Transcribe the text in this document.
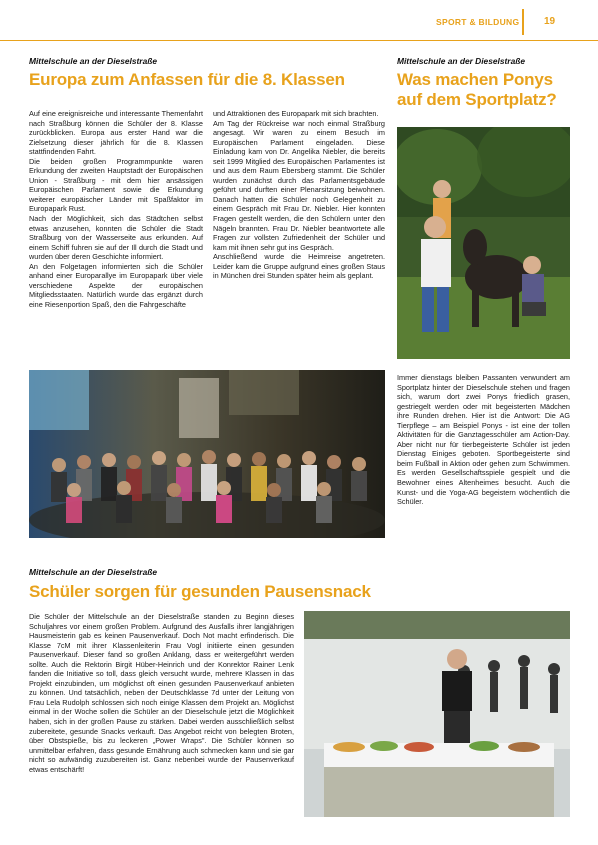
SPORT & BILDUNG 19
Mittelschule an der Dieselstraße
Europa zum Anfassen für die 8. Klassen

Auf eine ereignisreiche und interessante Themenfahrt nach Straßburg können die Schüler der 8. Klasse zurückblicken. Europa aus erster Hand war die Zielsetzung dieser jährlich für die 8. Klassen stattfindenden Fahrt.

Die beiden großen Programmpunkte waren Erkundung der zweiten Hauptstadt der Europäischen Union - Straßburg - mit dem hier ansässigen Europäischen Parlament sowie die Erkundung weiterer europäischer Länder mit Spaßfaktor im Europapark Rust.

Nach der Möglichkeit, sich das Städtchen selbst etwas anzusehen, konnten die Schüler die Stadt Straßburg von der Wasserseite aus erkunden. Auf einem Schiff fuhren sie auf der Ill durch die Stadt und wurden über deren Geschichte informiert.

An den Folgetagen informierten sich die Schüler anhand einer Europarallye im Europapark über viele verschiedene Aspekte der europäischen Mitgliedsstaaten. Natürlich wurde das ergänzt durch eine Riesenportion Spaß, den die Fahrgeschäfte

und Attraktionen des Europapark mit sich brachten.

Am Tag der Rückreise war noch einmal Straßburg angesagt. Wir waren zu einem Besuch im Europäischen Parlament eingeladen. Diese Einladung kam von Dr. Angelika Niebler, die bereits seit 1999 Mitglied des Europäischen Parlamentes ist und aus dem Raum Ebersberg stammt. Die Schüler wurden zunächst durch das Parlamentsgebäude geführt und durften einer Plenarsitzung beiwohnen. Danach hatten die Schüler noch Gelegenheit zu einem Gespräch mit Frau Dr. Niebler. Hier konnten Fragen gestellt werden, die den Schülern unter den Nägeln brannten. Frau Dr. Niebler beantwortete alle Fragen zur vollsten Zufriedenheit der Schüler und kam mit ihnen sehr gut ins Gespräch.

Anschließend wurde die Heimreise angetreten. Leider kam die Gruppe aufgrund eines großen Staus in München drei Stunden später heim als geplant.

Mittelschule an der Dieselstraße
Was machen Ponys auf dem Sportplatz?

Immer dienstags bleiben Passanten verwundert am Sportplatz hinter der Dieselschule stehen und fragen sich, warum dort zwei Ponys friedlich grasen, gestriegelt werden oder mit begeisterten Mädchen ihre Runden drehen. Hier ist die Antwort: Die AG Tierpflege – am Beispiel Ponys - ist eine der tollen Aktivitäten für die Ganztagesschüler am Action-Day. Aber nicht nur für tierbegeisterte Schüler ist jeden Dienstag Einiges geboten. Sportbegeisterte sind beim Fußball in Aktion oder gehen zum Schwimmen. Es werden Gesellschaftsspiele gespielt und die Bewohner eines Altenheimes besucht. Auch die Kunst- und die Yoga-AG begeistern wöchentlich die Schüler.

Mittelschule an der Dieselstraße
Schüler sorgen für gesunden Pausensnack

Die Schüler der Mittelschule an der Dieselstraße standen zu Beginn dieses Schuljahres vor einem großen Problem. Aufgrund des Ausfalls ihrer langjährigen Hausmeisterin gab es keinen Pausenverkauf. Doch Not macht erfinderisch. Die Klasse 7cM mit ihrer Klassenleiterin Frau Vogl initiierte einen gesunden Pausenverkauf. Dieser fand so großen Anklang, dass er weitergeführt werden sollte. Auch die Rektorin Birgit Hüber-Heinrich und der Konrektor Rainer Lenk fanden die Initiative so toll, dass gleich versucht wurde, mehrere Klassen in das Projekt einzubinden, um möglichst oft einen gesunden Pausenverkauf anbieten zu können. Und tatsächlich, neben der Deutschklasse 7d unter der Leitung von Frau Lela Rudolph schlossen sich noch einige Klassen dem Projekt an. Möglichst einmal in der Woche sollen die Schüler an der Dieselschule jetzt die Möglichkeit haben, sich in der großen Pause zu stärken. Dabei werden ausschließlich selbst zubereitete, gesunde Snacks verkauft. Das Angebot reicht von belegten Broten, über Obstspieße, bis zu leckeren „Power Wraps". Die Schüler können so unmittelbar erfahren, dass gesunde Ernährung auch schmecken kann und sie gar nicht so aufwändig zuzubereiten ist. Ganz nebenbei wurde der Pausenverkauf etwas entschärft!
